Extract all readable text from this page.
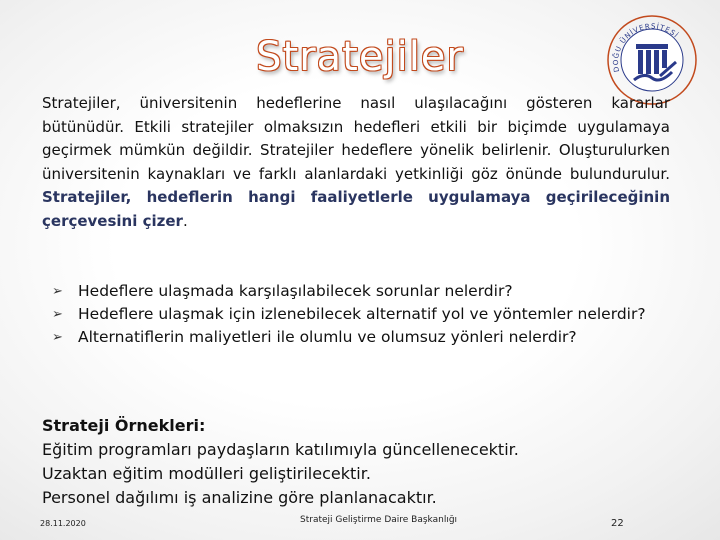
Stratejiler	DOĞU ÜNİVERSİTESİ

Stratejiler, üniversitenin hedeflerine nasıl ulaşılacağını gösteren kararlar bütünüdür. Etkili stratejiler olmaksızın hedefleri etkili bir biçimde uygulamaya geçirmek mümkün değildir. Stratejiler hedeflere yönelik belirlenir. Oluşturulurken üniversitenin kaynakları ve farklı alanlardaki yetkinliği göz önünde bulundurulur. Stratejiler, hedeflerin hangi faaliyetlerle uygulamaya geçirileceğinin çerçevesini çizer.

➢ Hedeflere ulaşmada karşılaşılabilecek sorunlar nelerdir?
➢ Hedeflere ulaşmak için izlenebilecek alternatif yol ve yöntemler nelerdir?
➢ Alternatiflerin maliyetleri ile olumlu ve olumsuz yönleri nelerdir?
Strateji Örnekleri:
Eğitim programları paydaşların katılımıyla güncellenecektir.
Uzaktan eğitim modülleri geliştirilecektir.
Personel dağılımı iş analizine göre planlanacaktır.
28.11.2020	Strateji Geliştirme Daire Başkanlığı	22
